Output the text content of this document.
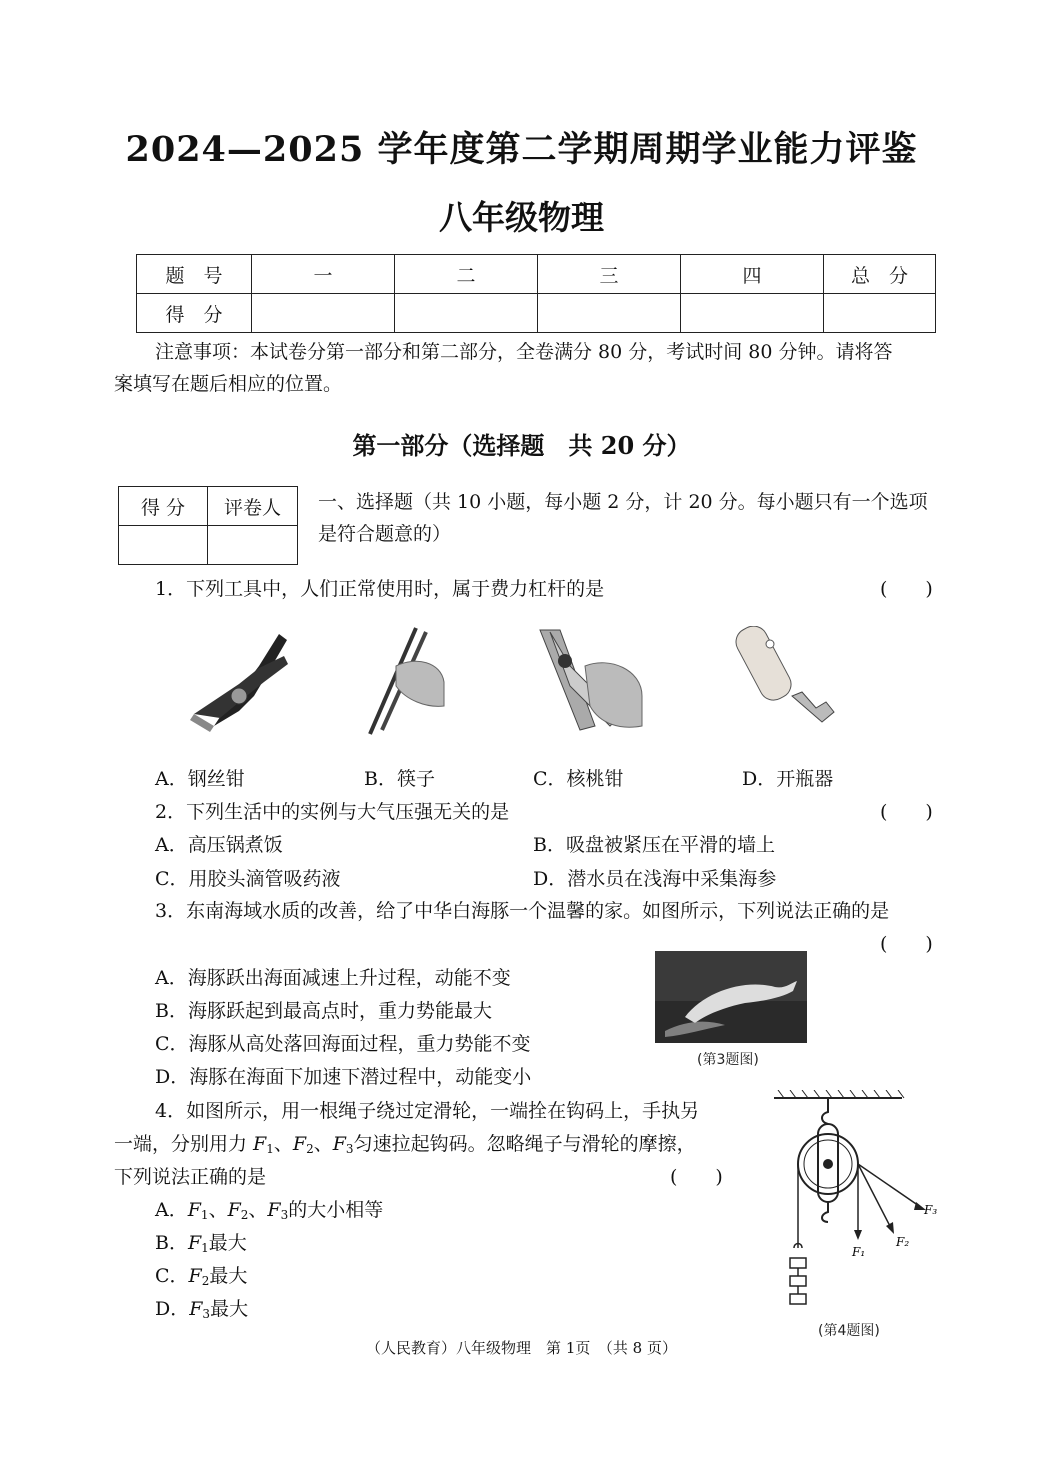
2024—2025 学年度第二学期周期学业能力评鉴
八年级物理
题　号	一	二	三	四	总　分
得　分					
注意事项：本试卷分第一部分和第二部分，全卷满分 80 分，考试时间 80 分钟。请将答
案填写在题后相应的位置。
第一部分（选择题　共 20 分）
得 分	评卷人
	一、选择题（共 10 小题，每小题 2 分，计 20 分。每小题只有一个选项
是符合题意的）
1．下列工具中，人们正常使用时，属于费力杠杆的是	(　　)
A．钢丝钳	B．筷子	C．核桃钳	D．开瓶器
2．下列生活中的实例与大气压强无关的是	(　　)
A．高压锅煮饭	B．吸盘被紧压在平滑的墙上
C．用胶头滴管吸药液	D．潜水员在浅海中采集海参
3．东南海域水质的改善，给了中华白海豚一个温馨的家。如图所示，下列说法正确的是
(　　)
A．海豚跃出海面减速上升过程，动能不变
B．海豚跃起到最高点时，重力势能最大
C．海豚从高处落回海面过程，重力势能不变
D．海豚在海面下加速下潜过程中，动能变小
(第3题图)
4．如图所示，用一根绳子绕过定滑轮，一端拴在钩码上，手执另
一端，分别用力 $F_1$、$F_2$、$F_3$匀速拉起钩码。忽略绳子与滑轮的摩擦，
下列说法正确的是	(　　)
A．$F_1$、$F_2$、$F_3$的大小相等
B．$F_1$最大
C．$F_2$最大
D．$F_3$最大
F₁
F₂
F₃
(第4题图)
（人民教育）八年级物理　第 1页　（共 8 页）
